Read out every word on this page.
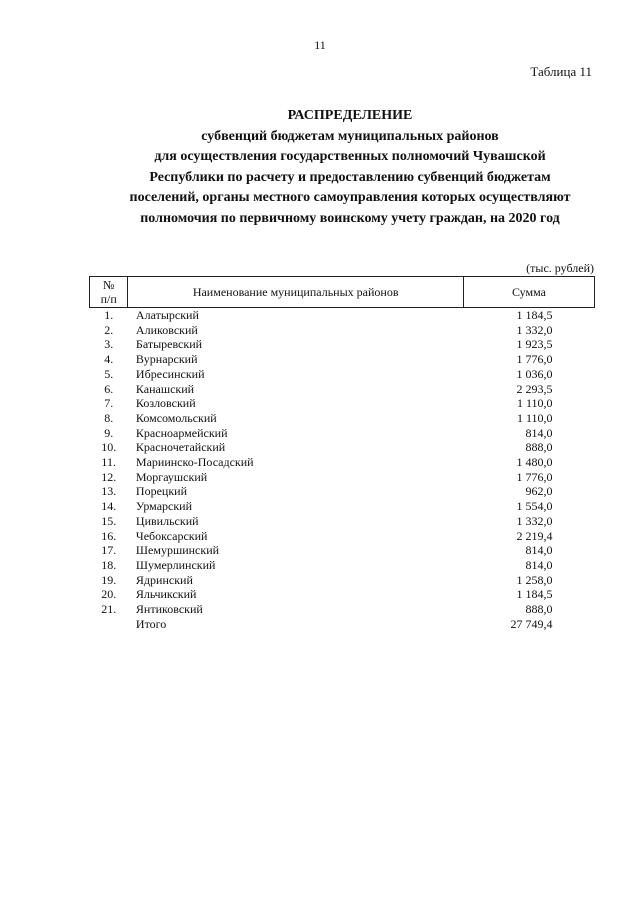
11
Таблица 11
РАСПРЕДЕЛЕНИЕ
субвенций бюджетам муниципальных районов
для осуществления государственных полномочий Чувашской
Республики по расчету и предоставлению субвенций бюджетам
поселений, органы местного самоуправления которых осуществляют
полномочия по первичному воинскому учету граждан, на 2020 год
(тыс. рублей)
№
п/п	Наименование муниципальных районов	Сумма
1.	Алатырский	1 184,5
2.	Аликовский	1 332,0
3.	Батыревский	1 923,5
4.	Вурнарский	1 776,0
5.	Ибресинский	1 036,0
6.	Канашский	2 293,5
7.	Козловский	1 110,0
8.	Комсомольский	1 110,0
9.	Красноармейский	814,0
10.	Красночетайский	888,0
11.	Мариинско-Посадский	1 480,0
12.	Моргаушский	1 776,0
13.	Порецкий	962,0
14.	Урмарский	1 554,0
15.	Цивильский	1 332,0
16.	Чебоксарский	2 219,4
17.	Шемуршинский	814,0
18.	Шумерлинский	814,0
19.	Ядринский	1 258,0
20.	Яльчикский	1 184,5
21.	Янтиковский	888,0
	Итого	27 749,4
